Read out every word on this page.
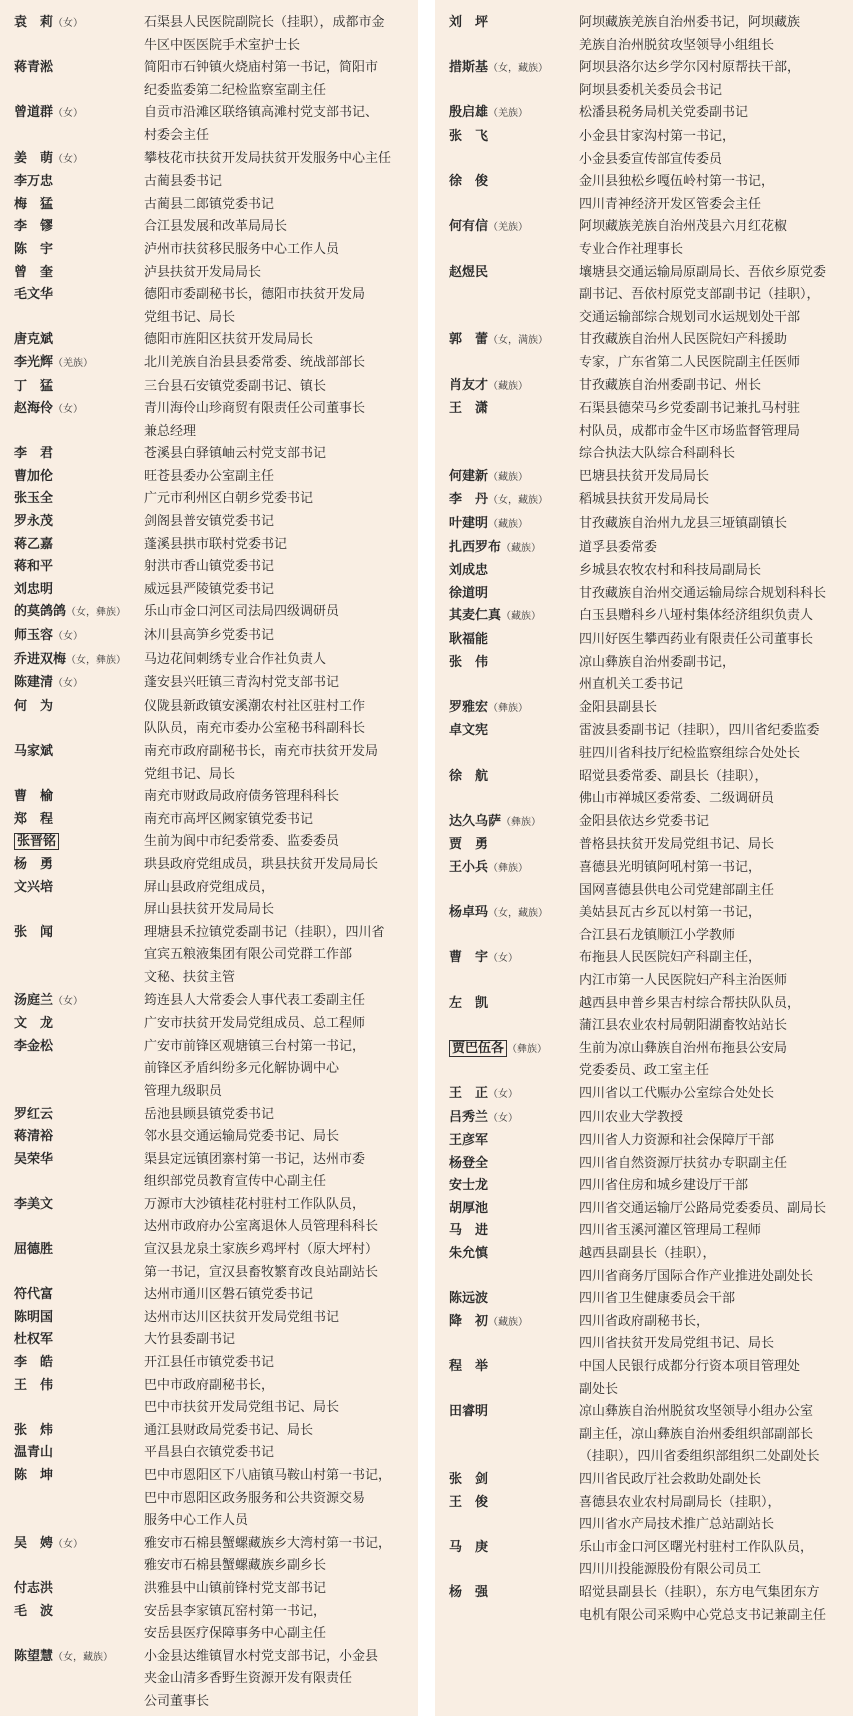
袁　莉（女）	石渠县人民医院副院长（挂职），成都市金
牛区中医医院手术室护士长
蒋青淞	简阳市石钟镇火烧庙村第一书记，简阳市
纪委监委第二纪检监察室副主任
曾道群（女）	自贡市沿滩区联络镇高滩村党支部书记、
村委会主任
姜　萌（女）	攀枝花市扶贫开发局扶贫开发服务中心主任
李万忠	古蔺县委书记
梅　猛	古蔺县二郎镇党委书记
李　镠	合江县发展和改革局局长
陈　宇	泸州市扶贫移民服务中心工作人员
曾　奎	泸县扶贫开发局局长
毛文华	德阳市委副秘书长，德阳市扶贫开发局
党组书记、局长
唐克斌	德阳市旌阳区扶贫开发局局长
李光辉（羌族）	北川羌族自治县县委常委、统战部部长
丁　猛	三台县石安镇党委副书记、镇长
赵海伶（女）	青川海伶山珍商贸有限责任公司董事长
兼总经理
李　君	苍溪县白驿镇岫云村党支部书记
曹加伦	旺苍县委办公室副主任
张玉全	广元市利州区白朝乡党委书记
罗永茂	剑阁县普安镇党委书记
蒋乙嘉	蓬溪县拱市联村党委书记
蒋和平	射洪市香山镇党委书记
刘忠明	威远县严陵镇党委书记
的莫鸽鸽（女，彝族）	乐山市金口河区司法局四级调研员
师玉容（女）	沐川县高笋乡党委书记
乔进双梅（女，彝族）	马边花间刺绣专业合作社负责人
陈建清（女）	蓬安县兴旺镇三青沟村党支部书记
何　为	仪陇县新政镇安溪潮农村社区驻村工作
队队员，南充市委办公室秘书科副科长
马家斌	南充市政府副秘书长，南充市扶贫开发局
党组书记、局长
曹　榆	南充市财政局政府债务管理科科长
郑　程	南充市高坪区阙家镇党委书记
张晋铭	生前为阆中市纪委常委、监委委员
杨　勇	珙县政府党组成员，珙县扶贫开发局局长
文兴培	屏山县政府党组成员，
屏山县扶贫开发局局长
张　闻	理塘县禾拉镇党委副书记（挂职），四川省
宜宾五粮液集团有限公司党群工作部
文秘、扶贫主管
汤庭兰（女）	筠连县人大常委会人事代表工委副主任
文　龙	广安市扶贫开发局党组成员、总工程师
李金松	广安市前锋区观塘镇三台村第一书记，
前锋区矛盾纠纷多元化解协调中心
管理九级职员
罗红云	岳池县顾县镇党委书记
蒋清裕	邻水县交通运输局党委书记、局长
吴荣华	渠县定远镇团寨村第一书记，达州市委
组织部党员教育宣传中心副主任
李美文	万源市大沙镇桂花村驻村工作队队员，
达州市政府办公室离退休人员管理科科长
屈德胜	宣汉县龙泉土家族乡鸡坪村（原大坪村）
第一书记，宣汉县畜牧繁育改良站副站长
符代富	达州市通川区磐石镇党委书记
陈明国	达州市达川区扶贫开发局党组书记
杜权军	大竹县委副书记
李　皓	开江县任市镇党委书记
王　伟	巴中市政府副秘书长，
巴中市扶贫开发局党组书记、局长
张　炜	通江县财政局党委书记、局长
温青山	平昌县白衣镇党委书记
陈　坤	巴中市恩阳区下八庙镇马鞍山村第一书记，
巴中市恩阳区政务服务和公共资源交易
服务中心工作人员
吴　娉（女）	雅安市石棉县蟹螺藏族乡大湾村第一书记，
雅安市石棉县蟹螺藏族乡副乡长
付志洪	洪雅县中山镇前锋村党支部书记
毛　波	安岳县李家镇瓦窑村第一书记，
安岳县医疗保障事务中心副主任
陈望慧（女，藏族）	小金县达维镇冒水村党支部书记，小金县
夹金山清多香野生资源开发有限责任
公司董事长
刘　坪	阿坝藏族羌族自治州委书记，阿坝藏族
羌族自治州脱贫攻坚领导小组组长
措斯基（女，藏族）	阿坝县洛尔达乡学尔冈村原帮扶干部，
阿坝县委机关委员会书记
殷启雄（羌族）	松潘县税务局机关党委副书记
张　飞	小金县甘家沟村第一书记，
小金县委宣传部宣传委员
徐　俊	金川县独松乡嘎伍岭村第一书记，
四川青神经济开发区管委会主任
何有信（羌族）	阿坝藏族羌族自治州茂县六月红花椒
专业合作社理事长
赵煜民	壤塘县交通运输局原副局长、吾依乡原党委
副书记、吾依村原党支部副书记（挂职），
交通运输部综合规划司水运规划处干部
郭　蕾（女，满族）	甘孜藏族自治州人民医院妇产科援助
专家，广东省第二人民医院副主任医师
肖友才（藏族）	甘孜藏族自治州委副书记、州长
王　潇	石渠县德荣马乡党委副书记兼扎马村驻
村队员，成都市金牛区市场监督管理局
综合执法大队综合科副科长
何建新（藏族）	巴塘县扶贫开发局局长
李　丹（女，藏族）	稻城县扶贫开发局局长
叶建明（藏族）	甘孜藏族自治州九龙县三垭镇副镇长
扎西罗布（藏族）	道孚县委常委
刘成忠	乡城县农牧农村和科技局副局长
徐道明	甘孜藏族自治州交通运输局综合规划科科长
其麦仁真（藏族）	白玉县赠科乡八垭村集体经济组织负责人
耿福能	四川好医生攀西药业有限责任公司董事长
张　伟	凉山彝族自治州委副书记，
州直机关工委书记
罗雅宏（彝族）	金阳县副县长
卓文宪	雷波县委副书记（挂职），四川省纪委监委
驻四川省科技厅纪检监察组综合处处长
徐　航	昭觉县委常委、副县长（挂职），
佛山市禅城区委常委、二级调研员
达久乌萨（彝族）	金阳县依达乡党委书记
贾　勇	普格县扶贫开发局党组书记、局长
王小兵（彝族）	喜德县光明镇阿吼村第一书记，
国网喜德县供电公司党建部副主任
杨卓玛（女，藏族）	美姑县瓦古乡瓦以村第一书记，
合江县石龙镇顺江小学教师
曹　宇（女）	布拖县人民医院妇产科副主任，
内江市第一人民医院妇产科主治医师
左　凯	越西县申普乡果吉村综合帮扶队队员，
蒲江县农业农村局朝阳湖畜牧站站长
贾巴伍各 （彝族）	生前为凉山彝族自治州布拖县公安局
党委委员、政工室主任
王　正（女）	四川省以工代赈办公室综合处处长
吕秀兰（女）	四川农业大学教授
王彦军	四川省人力资源和社会保障厅干部
杨登全	四川省自然资源厅扶贫办专职副主任
安士龙	四川省住房和城乡建设厅干部
胡厚池	四川省交通运输厅公路局党委委员、副局长
马　进	四川省玉溪河灌区管理局工程师
朱允慎	越西县副县长（挂职），
四川省商务厅国际合作产业推进处副处长
陈远波	四川省卫生健康委员会干部
降　初（藏族）	四川省政府副秘书长，
四川省扶贫开发局党组书记、局长
程　举	中国人民银行成都分行资本项目管理处
副处长
田睿明	凉山彝族自治州脱贫攻坚领导小组办公室
副主任，凉山彝族自治州委组织部副部长
（挂职），四川省委组织部组织二处副处长
张　剑	四川省民政厅社会救助处副处长
王　俊	喜德县农业农村局副局长（挂职），
四川省水产局技术推广总站副站长
马　庚	乐山市金口河区曙光村驻村工作队队员，
四川川投能源股份有限公司员工
杨　强	昭觉县副县长（挂职），东方电气集团东方
电机有限公司采购中心党总支书记兼副主任
